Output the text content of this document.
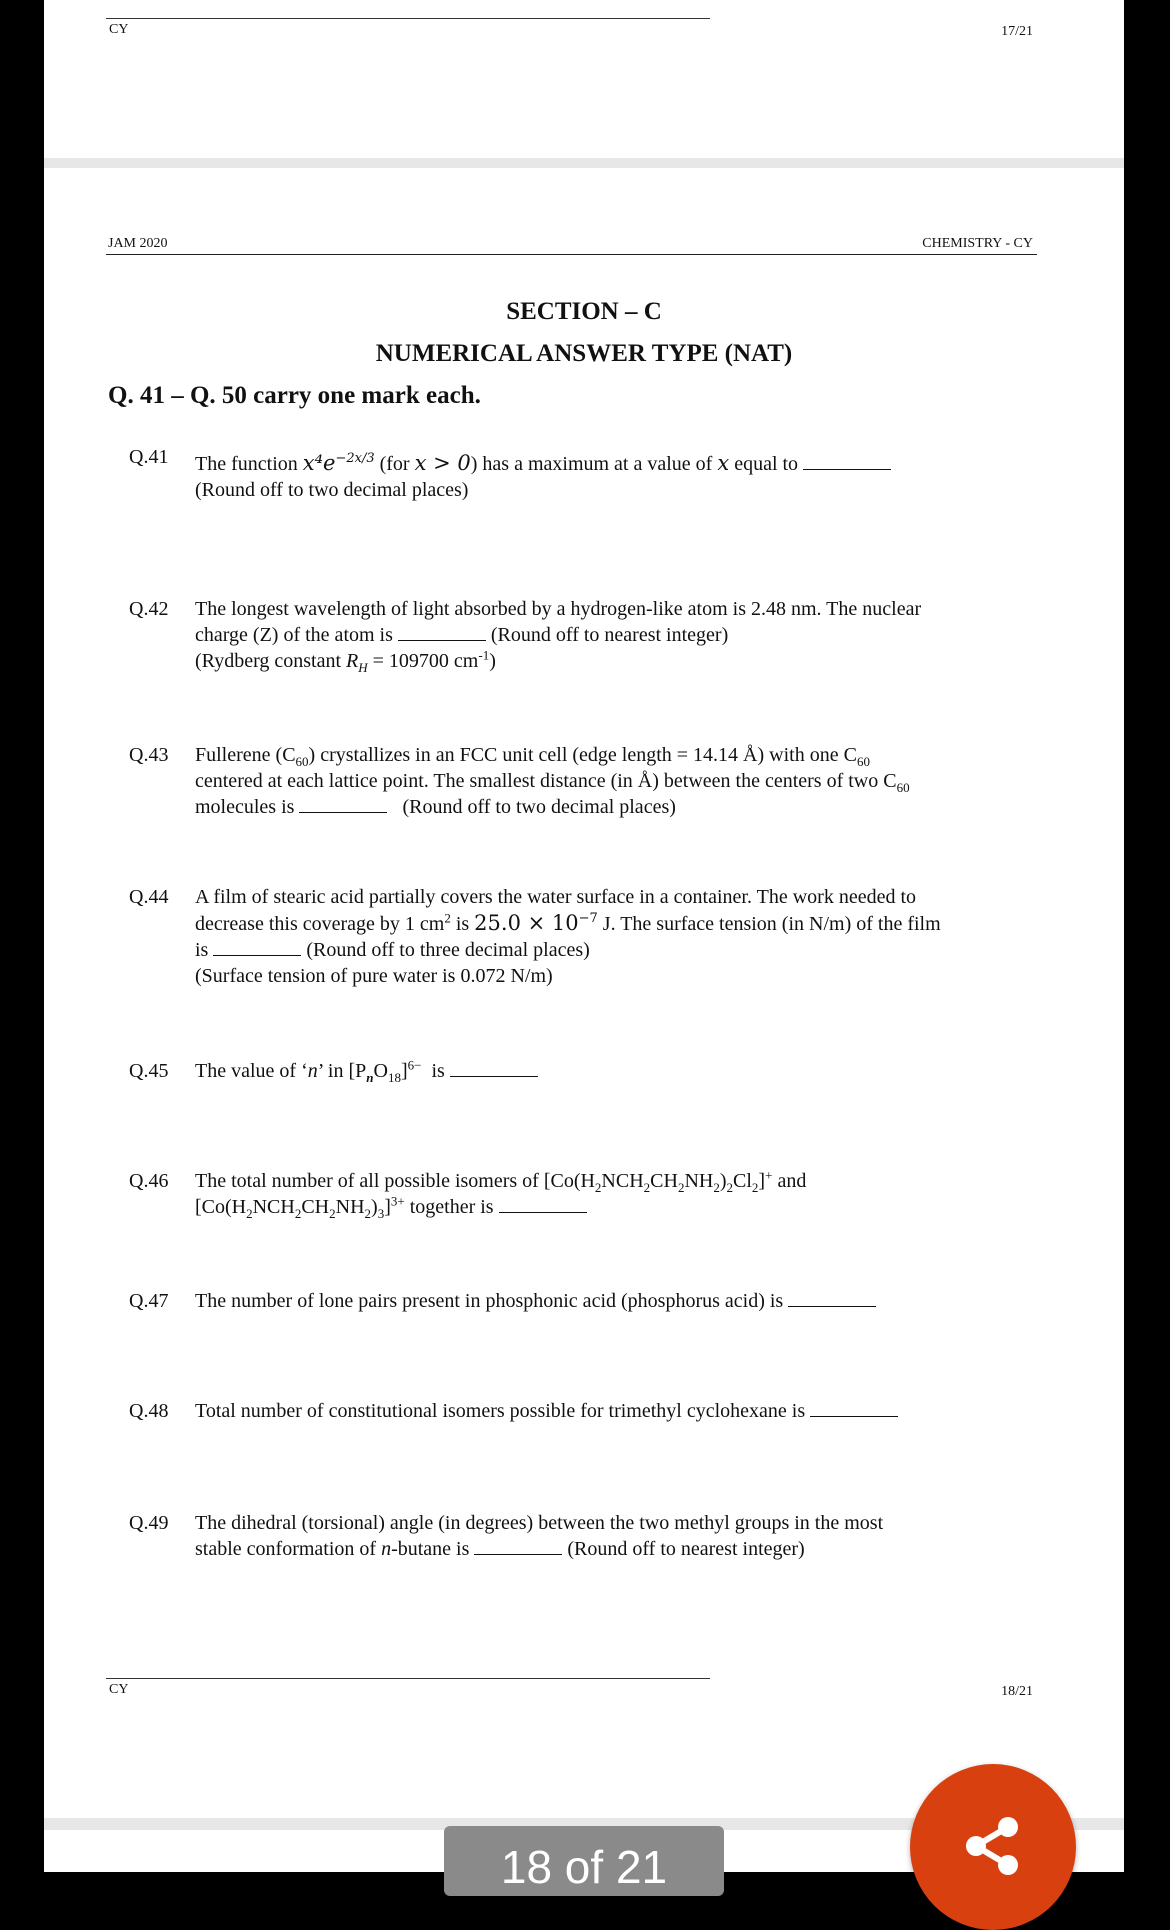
CY	17/21
JAM 2020	CHEMISTRY - CY
SECTION – C
NUMERICAL ANSWER TYPE (NAT)
Q. 41 – Q. 50 carry one mark each.
Q.41 The function $x^4e^{-2x/3}$ (for x > 0) has a maximum at a value of x equal to
(Round off to two decimal places)
Q.42 The longest wavelength of light absorbed by a hydrogen-like atom is 2.48 nm. The nuclear
charge (Z) of the atom is	(Round off to nearest integer)
(Rydberg constant $R_H = 109700$ $cm^{-1}$)
Q.43 Fullerene $(C_{60})$ crystallizes in an FCC unit cell (edge length = 14.14 Å) with one $C_{60}$
centered at each lattice point. The smallest distance (in Å) between the centers of two $C_{60}$
molecules is	(Round off to two decimal places)
Q.44 A film of stearic acid partially covers the water surface in a container. The work needed to
decrease this coverage by 1 $cm^2$ is $25.0 \times 10^{-7}$ J. The surface tension (in N/m) of the film
is	(Round off to three decimal places)
(Surface tension of pure water is 0.072 N/m)
Q.45 The value of ‘n’ in $[P_nO_{18}]^{6-}$ is
Q.46 The total number of all possible isomers of $[Co(H_2NCH_2CH_2NH_2)_2Cl_2]^+$ and
$[Co(H_2NCH_2CH_2NH_2)_3]^{3+}$ together is
Q.47 The number of lone pairs present in phosphonic acid (phosphorus acid) is
Q.48 Total number of constitutional isomers possible for trimethyl cyclohexane is
Q.49 The dihedral (torsional) angle (in degrees) between the two methyl groups in the most
stable conformation of n-butane is	(Round off to nearest integer)
CY	18/21
18 of 21
